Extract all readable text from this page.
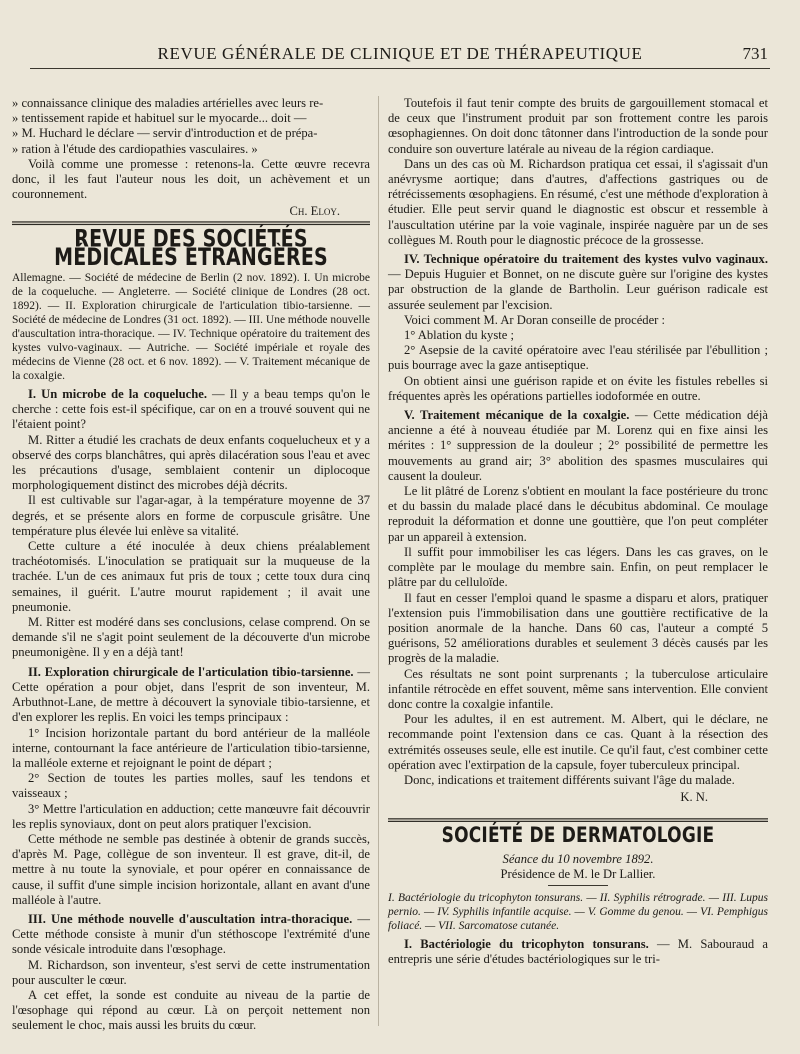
REVUE GÉNÉRALE DE CLINIQUE ET DE THÉRAPEUTIQUE	731

» connaissance clinique des maladies artérielles avec leurs re-
» tentissement rapide et habituel sur le myocarde... doit —
» M. Huchard le déclare — servir d'introduction et de prépa-
» ration à l'étude des cardiopathies vasculaires. »

Voilà comme une promesse : retenons-la. Cette œuvre recevra donc, il les faut l'auteur nous les doit, un achèvement et un couronnement.

Ch. Eloy.

REVUE DES SOCIÉTÉS MÉDICALES ÉTRANGÈRES

Allemagne. — Société de médecine de Berlin (2 nov. 1892). I. Un microbe de la coqueluche. — Angleterre. — Société clinique de Londres (28 oct. 1892). — II. Exploration chirurgicale de l'articulation tibio-tarsienne. — Société de médecine de Londres (31 oct. 1892). — III. Une méthode nouvelle d'auscultation intra-thoracique. — IV. Technique opératoire du traitement des kystes vulvo-vaginaux. — Autriche. — Société impériale et royale des médecins de Vienne (28 oct. et 6 nov. 1892). — V. Traitement mécanique de la coxalgie.

I. Un microbe de la coqueluche. — Il y a beau temps qu'on le cherche : cette fois est-il spécifique, car on en a trouvé souvent qui ne l'étaient point?

M. Ritter a étudié les crachats de deux enfants coquelucheux et y a observé des corps blanchâtres, qui après dilacération sous l'eau et avec les précautions d'usage, semblaient contenir un diplocoque morphologiquement distinct des microbes déjà décrits.

Il est cultivable sur l'agar-agar, à la température moyenne de 37 degrés, et se présente alors en forme de corpuscule grisâtre. Une température plus élevée lui enlève sa vitalité.

Cette culture a été inoculée à deux chiens préalablement trachéotomisés. L'inoculation se pratiquait sur la muqueuse de la trachée. L'un de ces animaux fut pris de toux ; cette toux dura cinq semaines, il guérit. L'autre mourut rapidement ; il avait une pneumonie.

M. Ritter est modéré dans ses conclusions, celase comprend. On se demande s'il ne s'agit point seulement de la découverte d'un microbe pneumonigène. Il y en a déjà tant!

II. Exploration chirurgicale de l'articulation tibio-tarsienne. — Cette opération a pour objet, dans l'esprit de son inventeur, M. Arbuthnot-Lane, de mettre à découvert la synoviale tibio-tarsienne, et d'en explorer les replis. En voici les temps principaux :

1° Incision horizontale partant du bord antérieur de la malléole interne, contournant la face antérieure de l'articulation tibio-tarsienne, la malléole externe et rejoignant le point de départ ;

2° Section de toutes les parties molles, sauf les tendons et vaisseaux ;

3° Mettre l'articulation en adduction; cette manœuvre fait découvrir les replis synoviaux, dont on peut alors pratiquer l'excision.

Cette méthode ne semble pas destinée à obtenir de grands succès, d'après M. Page, collègue de son inventeur. Il est grave, dit-il, de mettre à nu toute la synoviale, et pour opérer en connaissance de cause, il suffit d'une simple incision horizontale, allant en avant d'une malléole à l'autre.

III. Une méthode nouvelle d'auscultation intra-thoracique. — Cette méthode consiste à munir d'un stéthoscope l'extrémité d'une sonde vésicale introduite dans l'œsophage.

M. Richardson, son inventeur, s'est servi de cette instrumentation pour ausculter le cœur.

A cet effet, la sonde est conduite au niveau de la partie de l'œsophage qui répond au cœur. Là on perçoit nettement non seulement le choc, mais aussi les bruits du cœur.

Toutefois il faut tenir compte des bruits de gargouillement stomacal et de ceux que l'instrument produit par son frottement contre les parois œsophagiennes. On doit donc tâtonner dans l'introduction de la sonde pour conduire son ouverture latérale au niveau de la région cardiaque.

Dans un des cas où M. Richardson pratiqua cet essai, il s'agissait d'un anévrysme aortique; dans d'autres, d'affections gastriques ou de rétrécissements œsophagiens. En résumé, c'est une méthode d'exploration à étudier. Elle peut servir quand le diagnostic est obscur et ressemble à l'auscultation utérine par la voie vaginale, inspirée naguère par un de ses collègues M. Routh pour le diagnostic précoce de la grossesse.

IV. Technique opératoire du traitement des kystes vulvo vaginaux. — Depuis Huguier et Bonnet, on ne discute guère sur l'origine des kystes par obstruction de la glande de Bartholin. Leur guérison radicale est assurée seulement par l'excision.

Voici comment M. Ar Doran conseille de procéder :

1° Ablation du kyste ;

2° Asepsie de la cavité opératoire avec l'eau stérilisée par l'ébullition ; puis bourrage avec la gaze antiseptique.

On obtient ainsi une guérison rapide et on évite les fistules rebelles si fréquentes après les opérations partielles iodoformée en outre.

V. Traitement mécanique de la coxalgie. — Cette médication déjà ancienne a été à nouveau étudiée par M. Lorenz qui en fixe ainsi les mérites : 1° suppression de la douleur ; 2° possibilité de permettre les mouvements au grand air; 3° abolition des spasmes musculaires qui causent la douleur.

Le lit plâtré de Lorenz s'obtient en moulant la face postérieure du tronc et du bassin du malade placé dans le décubitus abdominal. Ce moulage reproduit la déformation et donne une gouttière, que l'on peut compléter par un appareil à extension.

Il suffit pour immobiliser les cas légers. Dans les cas graves, on le complète par le moulage du membre sain. Enfin, on peut remplacer le plâtre par du celluloïde.

Il faut en cesser l'emploi quand le spasme a disparu et alors, pratiquer l'extension puis l'immobilisation dans une gouttière rectificative de la position anormale de la hanche. Dans 60 cas, l'auteur a compté 5 guérisons, 52 améliorations durables et seulement 3 décès causés par les progrès de la maladie.

Ces résultats ne sont point surprenants ; la tuberculose articulaire infantile rétrocède en effet souvent, même sans intervention. Elle convient donc contre la coxalgie infantile.

Pour les adultes, il en est autrement. M. Albert, qui le déclare, ne recommande point l'extension dans ce cas. Quant à la résection des extrémités osseuses seule, elle est inutile. Ce qu'il faut, c'est combiner cette opération avec l'extirpation de la capsule, foyer tuberculeux principal.

Donc, indications et traitement différents suivant l'âge du malade.

K. N.

SOCIÉTÉ DE DERMATOLOGIE

Séance du 10 novembre 1892.

Présidence de M. le Dr Lallier.

I. Bactériologie du tricophyton tonsurans. — II. Syphilis rétrograde. — III. Lupus pernio. — IV. Syphilis infantile acquise. — V. Gomme du genou. — VI. Pemphigus foliacé. — VII. Sarcomatose cutanée.

I. Bactériologie du tricophyton tonsurans. — M. Sabouraud a entrepris une série d'études bactériologiques sur le tri-
